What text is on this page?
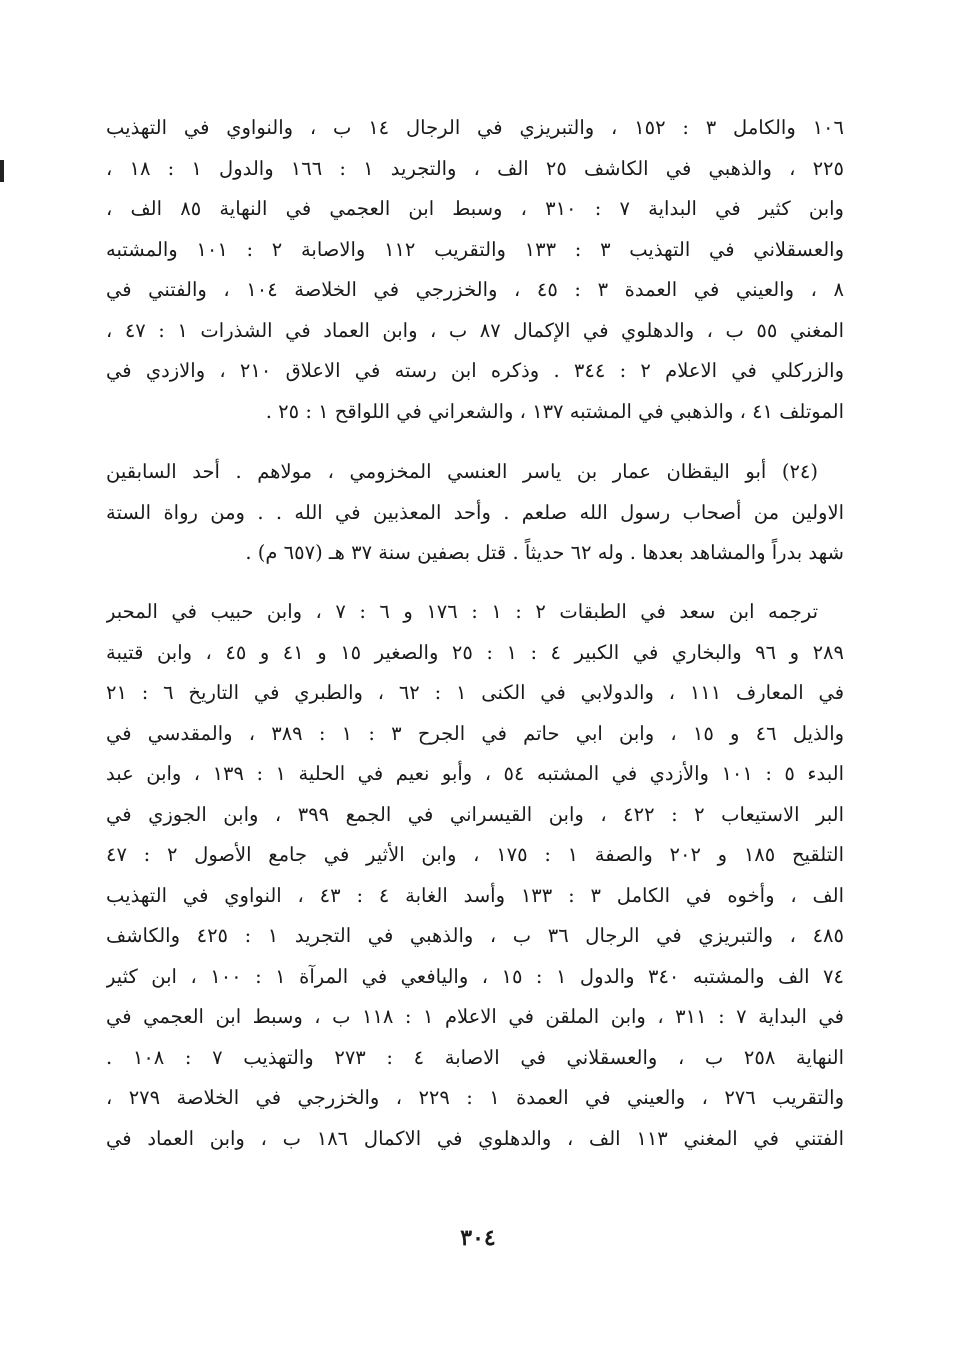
١٠٦ والكامل ٣ : ١٥٢ ، والتبريزي في الرجال ١٤ ب ، والنواوي في التهذيب
٢٢٥ ، والذهبي في الكاشف ٢٥ الف ، والتجريد ١ : ١٦٦ والدول ١ : ١٨ ،
وابن كثير في البداية ٧ : ٣١٠ ، وسبط ابن العجمي في النهاية ٨٥ الف ،
والعسقلاني في التهذيب ٣ : ١٣٣ والتقريب ١١٢ والاصابة ٢ : ١٠١ والمشتبه
٨ ، والعيني في العمدة ٣ : ٤٥ ، والخزرجي في الخلاصة ١٠٤ ، والفتني في
المغني ٥٥ ب ، والدهلوي في الإكمال ٨٧ ب ، وابن العماد في الشذرات ١ : ٤٧ ،
والزركلي في الاعلام ٢ : ٣٤٤ . وذكره ابن رسته في الاعلاق ٢١٠ ، والازدي في
الموتلف ٤١ ، والذهبي في المشتبه ١٣٧ ، والشعراني في اللواقح ١ : ٢٥ .
(٢٤) أبو اليقظان عمار بن ياسر العنسي المخزومي ، مولاهم . أحد السابقين
الاولين من أصحاب رسول الله صلعم . وأحد المعذبين في الله . . ومن رواة الستة
شهد بدراً والمشاهد بعدها . وله ٦٢ حديثاً . قتل بصفين سنة ٣٧ هـ (٦٥٧ م) .
ترجمه ابن سعد في الطبقات ٢ : ١ : ١٧٦ و ٦ : ٧ ، وابن حبيب في المحبر
٢٨٩ و ٩٦ والبخاري في الكبير ٤ : ١ : ٢٥ والصغير ١٥ و ٤١ و ٤٥ ، وابن قتيبة
في المعارف ١١١ ، والدولابي في الكنى ١ : ٦٢ ، والطبري في التاريخ ٦ : ٢١
والذيل ٤٦ و ١٥ ، وابن ابي حاتم في الجرح ٣ : ١ : ٣٨٩ ، والمقدسي في
البدء ٥ : ١٠١ والأزدي في المشتبه ٥٤ ، وأبو نعيم في الحلية ١ : ١٣٩ ، وابن عبد
البر الاستيعاب ٢ : ٤٢٢ ، وابن القيسراني في الجمع ٣٩٩ ، وابن الجوزي في
التلقيح ١٨٥ و ٢٠٢ والصفة ١ : ١٧٥ ، وابن الأثير في جامع الأصول ٢ : ٤٧
الف ، وأخوه في الكامل ٣ : ١٣٣ وأسد الغابة ٤ : ٤٣ ، النواوي في التهذيب
٤٨٥ ، والتبريزي في الرجال ٣٦ ب ، والذهبي في التجريد ١ : ٤٢٥ والكاشف
٧٤ الف والمشتبه ٣٤٠ والدول ١ : ١٥ ، واليافعي في المرآة ١ : ١٠٠ ، ابن كثير
في البداية ٧ : ٣١١ ، وابن الملقن في الاعلام ١ : ١١٨ ب ، وسبط ابن العجمي في
النهاية ٢٥٨ ب ، والعسقلاني في الاصابة ٤ : ٢٧٣ والتهذيب ٧ : ١٠٨ .
والتقريب ٢٧٦ ، والعيني في العمدة ١ : ٢٢٩ ، والخزرجي في الخلاصة ٢٧٩ ،
الفتني في المغني ١١٣ الف ، والدهلوي في الاكمال ١٨٦ ب ، وابن العماد في
٣٠٤
